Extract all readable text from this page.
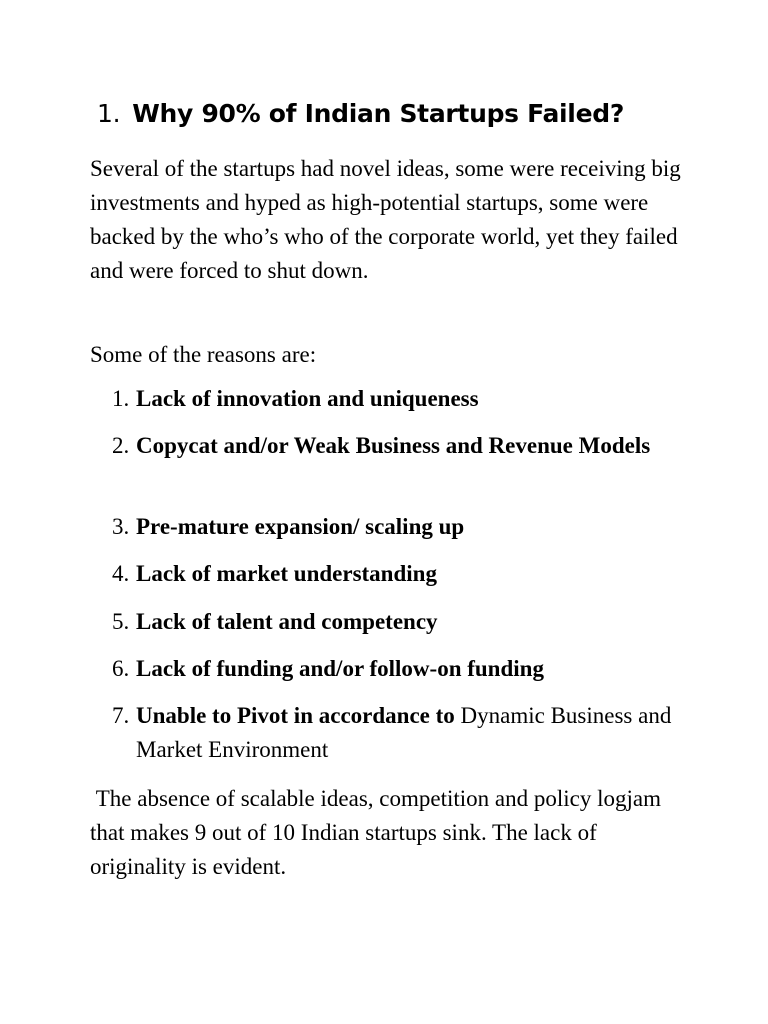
1. Why 90% of Indian Startups Failed?

Several of the startups had novel ideas, some were receiving big investments and hyped as high-potential startups, some were backed by the who’s who of the corporate world, yet they failed and were forced to shut down.

Some of the reasons are:

1. Lack of innovation and uniqueness
2. Copycat and/or Weak Business and Revenue Models
3. Pre-mature expansion/ scaling up
4. Lack of market understanding
5. Lack of talent and competency
6. Lack of funding and/or follow-on funding
7. Unable to Pivot in accordance to Dynamic Business and Market Environment

The absence of scalable ideas, competition and policy logjam that makes 9 out of 10 Indian startups sink. The lack of originality is evident.
